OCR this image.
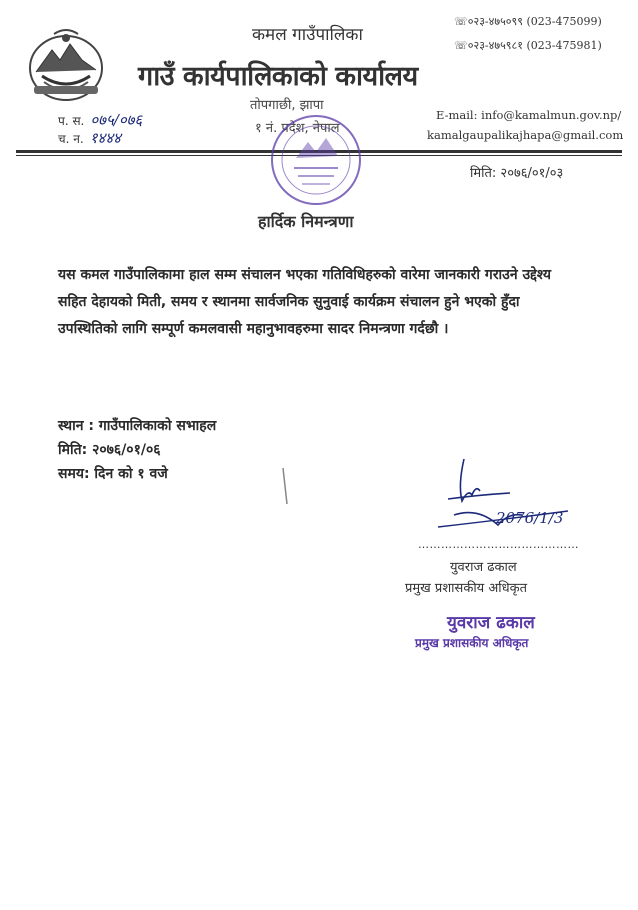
कमल गाउँपालिका
गाउँ कार्यपालिकाको कार्यालय
तोपगाछी, झापा
१ नं. प्रदेश, नेपाल
☏०२३-४७५०९९ (023-475099)
☏०२३-४७५९८१ (023-475981)
E-mail: info@kamalmun.gov.np/
kamalgaupalikajhapa@gmail.com
प. स. ०७५/०७६
च. न. १४४४
मिति: २०७६/०१/०३
हार्दिक निमन्त्रणा
यस कमल गाउँपालिकामा हाल सम्म संचालन भएका गतिविधिहरुको वारेमा जानकारी गराउने उद्देश्य सहित देहायको मिती, समय र स्थानमा सार्वजनिक सुनुवाई कार्यक्रम संचालन हुने भएको हुँदा उपस्थितिको लागि सम्पूर्ण कमलवासी महानुभावहरुमा सादर निमन्त्रणा गर्दछौ ।
स्थान : गाउँपालिकाको सभाहल
मिति: २०७६/०१/०६
समय: दिन को १ वजे
2076/1/3
……………………………………
युवराज ढकाल
प्रमुख प्रशासकीय अधिकृत
युवराज ढकाल
प्रमुख प्रशासकीय अधिकृत
